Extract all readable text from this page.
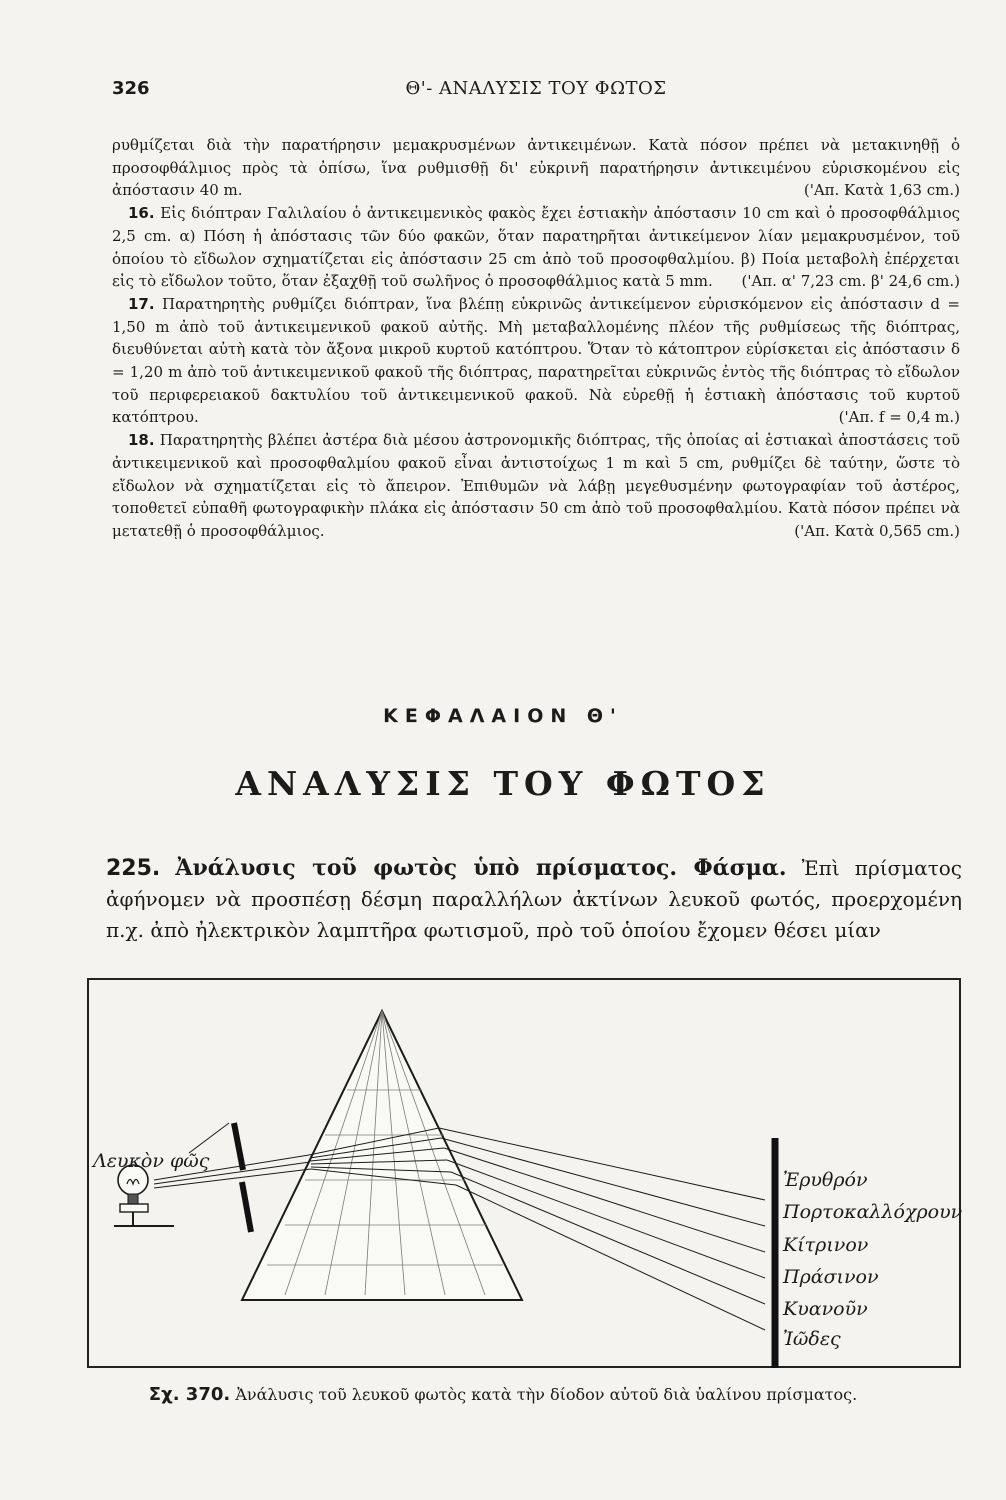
326	Θ'- ΑΝΑΛΥΣΙΣ ΤΟΥ ΦΩΤΟΣ

ρυθμίζεται διὰ τὴν παρατήρησιν μεμακρυσμένων ἀντικειμένων. Κατὰ πόσον πρέπει νὰ μετακινηθῇ ὁ προσοφθάλμιος πρὸς τὰ ὀπίσω, ἵνα ρυθμισθῇ δι' εὐκρινῆ παρατήρησιν ἀντικειμένου εὑρισκομένου εἰς ἀπόστασιν 40 m.	('Απ. Κατὰ 1,63 cm.)

16. Εἰς διόπτραν Γαλιλαίου ὁ ἀντικειμενικὸς φακὸς ἔχει ἑστιακὴν ἀπόστασιν 10 cm καὶ ὁ προσοφθάλμιος 2,5 cm. α) Πόση ἡ ἀπόστασις τῶν δύο φακῶν, ὅταν παρατηρῆται ἀντικείμενον λίαν μεμακρυσμένον, τοῦ ὁποίου τὸ εἴδωλον σχηματίζεται εἰς ἀπόστασιν 25 cm ἀπὸ τοῦ προσοφθαλμίου. β) Ποία μεταβολὴ ἐπέρχεται εἰς τὸ εἴδωλον τοῦτο, ὅταν ἐξαχθῇ τοῦ σωλῆνος ὁ προσοφθάλμιος κατὰ 5 mm.	('Απ. α' 7,23 cm. β' 24,6 cm.)

17. Παρατηρητὴς ρυθμίζει διόπτραν, ἵνα βλέπῃ εὐκρινῶς ἀντικείμενον εὑρισκόμενον εἰς ἀπόστασιν d = 1,50 m ἀπὸ τοῦ ἀντικειμενικοῦ φακοῦ αὐτῆς. Μὴ μεταβαλλομένης πλέον τῆς ρυθμίσεως τῆς διόπτρας, διευθύνεται αὐτὴ κατὰ τὸν ἄξονα μικροῦ κυρτοῦ κατόπτρου. Ὅταν τὸ κάτοπτρον εὑρίσκεται εἰς ἀπόστασιν δ = 1,20 m ἀπὸ τοῦ ἀντικειμενικοῦ φακοῦ τῆς διόπτρας, παρατηρεῖται εὐκρινῶς ἐντὸς τῆς διόπτρας τὸ εἴδωλον τοῦ περιφερειακοῦ δακτυλίου τοῦ ἀντικειμενικοῦ φακοῦ. Νὰ εὑρεθῇ ἡ ἑστιακὴ ἀπόστασις τοῦ κυρτοῦ κατόπτρου.	('Απ. f = 0,4 m.)

18. Παρατηρητὴς βλέπει ἀστέρα διὰ μέσου ἀστρονομικῆς διόπτρας, τῆς ὁποίας αἱ ἑστιακαὶ ἀποστάσεις τοῦ ἀντικειμενικοῦ καὶ προσοφθαλμίου φακοῦ εἶναι ἀντιστοίχως 1 m καὶ 5 cm, ρυθμίζει δὲ ταύτην, ὥστε τὸ εἴδωλον νὰ σχηματίζεται εἰς τὸ ἄπειρον. Ἐπιθυμῶν νὰ λάβῃ μεγεθυσμένην φωτογραφίαν τοῦ ἀστέρος, τοποθετεῖ εὐπαθῆ φωτογραφικὴν πλάκα εἰς ἀπόστασιν 50 cm ἀπὸ τοῦ προσοφθαλμίου. Κατὰ πόσον πρέπει νὰ μετατεθῇ ὁ προσοφθάλμιος.	('Απ. Κατὰ 0,565 cm.)

ΚΕΦΑΛΑΙΟΝ Θ'
ΑΝΑΛΥΣΙΣ ΤΟΥ ΦΩΤΟΣ

225. Ἀνάλυσις τοῦ φωτὸς ὑπὸ πρίσματος. Φάσμα. Ἐπὶ πρίσματος ἀφήνομεν νὰ προσπέσῃ δέσμη παραλλήλων ἀκτίνων λευκοῦ φωτός, προερχομένη π.χ. ἀπὸ ἠλεκτρικὸν λαμπτῆρα φωτισμοῦ, πρὸ τοῦ ὁποίου ἔχομεν θέσει μίαν

Λευκὸν φῶς
Ἐρυθρόν
Πορτοκαλλόχρουν
Κίτρινον
Πράσινον
Κυανοῦν
Ἰῶδες
Σχ. 370. Ἀνάλυσις τοῦ λευκοῦ φωτὸς κατὰ τὴν δίοδον αὐτοῦ διὰ ὑαλίνου πρίσματος.
